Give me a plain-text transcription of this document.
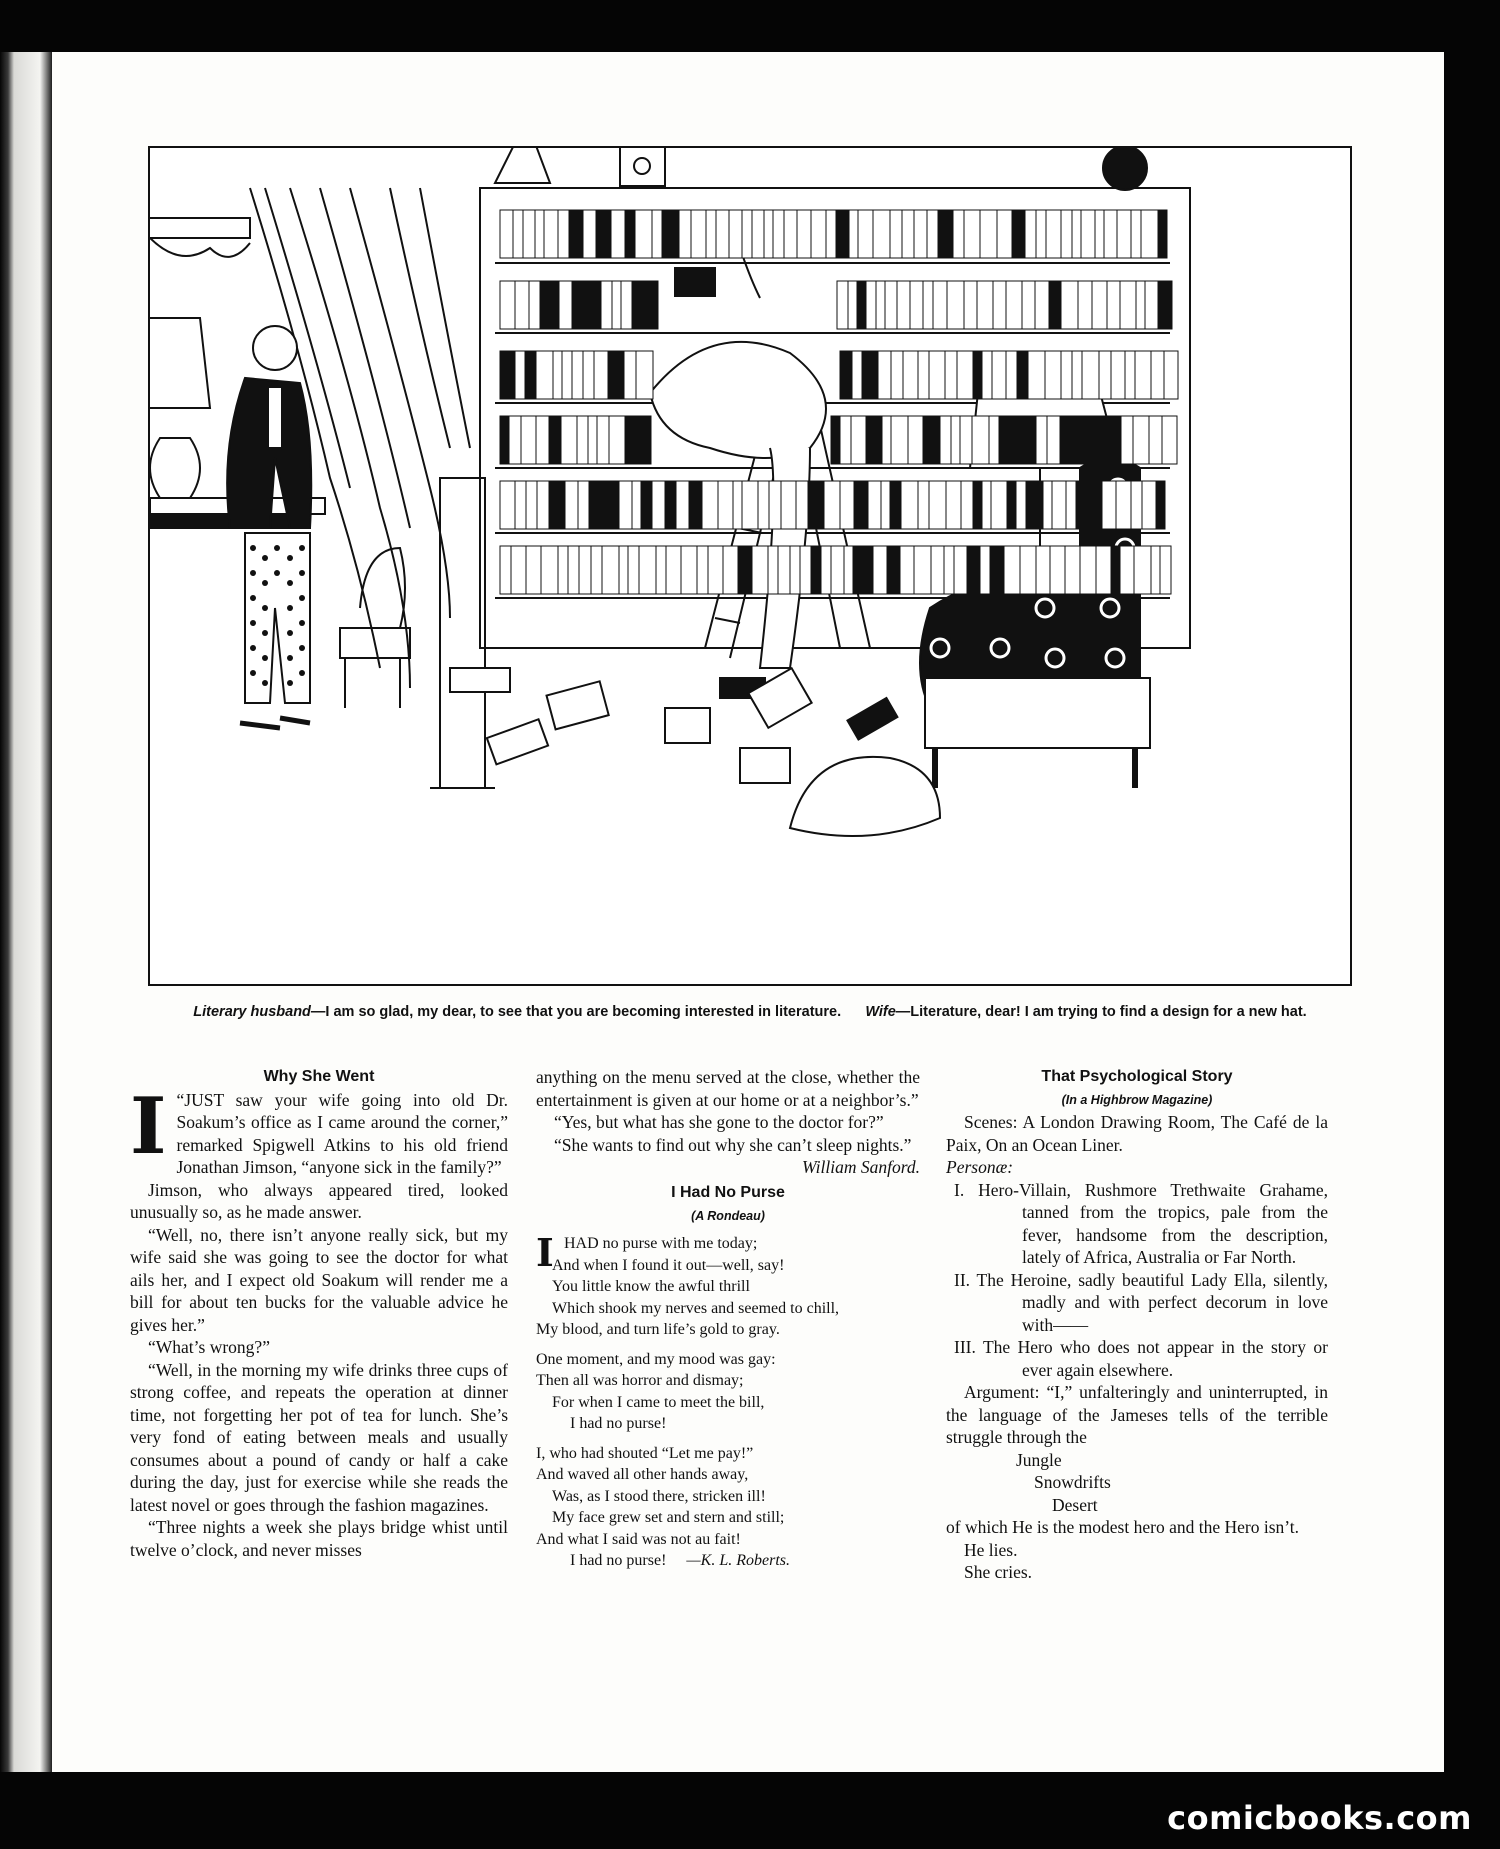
Literary husband—I am so glad, my dear, to see that you are becoming interested in literature. Wife—Literature, dear! I am trying to find a design for a new hat.

Why She Went

I “JUST saw your wife going into old Dr. Soakum’s office as I came around the corner,” remarked Spigwell Atkins to his old friend Jonathan Jimson, “anyone sick in the family?”

Jimson, who always appeared tired, looked unusually so, as he made answer.

“Well, no, there isn’t anyone really sick, but my wife said she was going to see the doctor for what ails her, and I expect old Soakum will render me a bill for about ten bucks for the valuable advice he gives her.”

“What’s wrong?”

“Well, in the morning my wife drinks three cups of strong coffee, and repeats the operation at dinner time, not forgetting her pot of tea for lunch. She’s very fond of eating between meals and usually consumes about a pound of candy or half a cake during the day, just for exercise while she reads the latest novel or goes through the fashion magazines.

“Three nights a week she plays bridge whist until twelve o’clock, and never misses

anything on the menu served at the close, whether the entertainment is given at our home or at a neighbor’s.”

“Yes, but what has she gone to the doctor for?”

“She wants to find out why she can’t sleep nights.”
William Sanford.

I Had No Purse

(A Rondeau)

IHAD no purse with me today;
And when I found it out—well, say!
You little know the awful thrill
Which shook my nerves and seemed to chill,
My blood, and turn life’s gold to gray.
One moment, and my mood was gay:
Then all was horror and dismay;
For when I came to meet the bill,
I had no purse!
I, who had shouted “Let me pay!”
And waved all other hands away,
Was, as I stood there, stricken ill!
My face grew set and stern and still;
And what I said was not au fait!
I had no purse! —K. L. Roberts.

That Psychological Story

(In a Highbrow Magazine)

Scenes: A London Drawing Room, The Café de la Paix, On an Ocean Liner.

Personæ:

I. Hero-Villain, Rushmore Trethwaite Grahame, tanned from the tropics, pale from the fever, handsome from the description, lately of Africa, Australia or Far North.
II. The Heroine, sadly beautiful Lady Ella, silently, madly and with perfect decorum in love with——
III. The Hero who does not appear in the story or ever again elsewhere.

Argument: “I,” unfalteringly and uninterrupted, in the language of the Jameses tells of the terrible struggle through the

Jungle

Snowdrifts

Desert

of which He is the modest hero and the Hero isn’t.

He lies.

She cries.

comicbooks.com
